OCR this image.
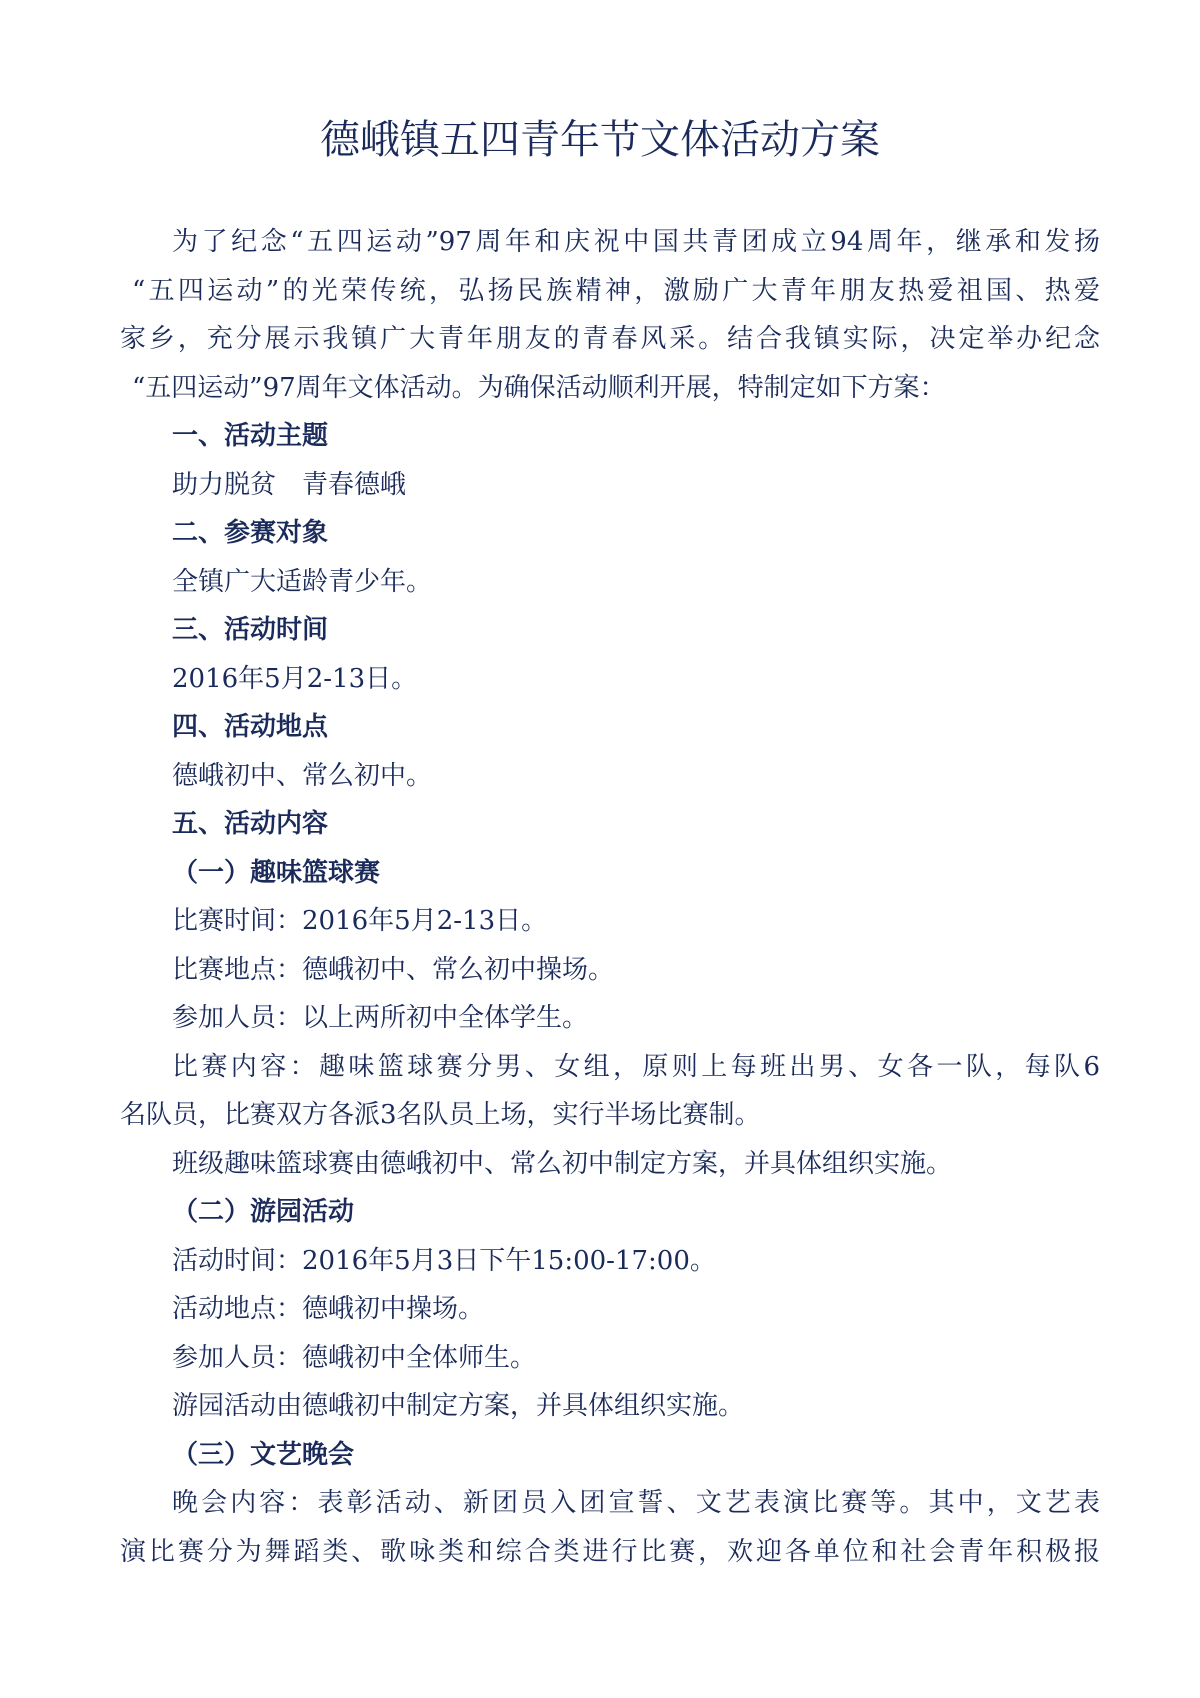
德峨镇五四青年节文体活动方案

为了纪念“五四运动”97周年和庆祝中国共青团成立94周年，继承和发扬

“五四运动”的光荣传统，弘扬民族精神，激励广大青年朋友热爱祖国、热爱

家乡，充分展示我镇广大青年朋友的青春风采。结合我镇实际，决定举办纪念

“五四运动”97周年文体活动。为确保活动顺利开展，特制定如下方案：

一、活动主题

助力脱贫　青春德峨

二、参赛对象

全镇广大适龄青少年。

三、活动时间

2016年5月2-13日。

四、活动地点

德峨初中、常么初中。

五、活动内容

（一）趣味篮球赛

比赛时间：2016年5月2-13日。

比赛地点：德峨初中、常么初中操场。

参加人员：以上两所初中全体学生。

比赛内容：趣味篮球赛分男、女组，原则上每班出男、女各一队，每队6

名队员，比赛双方各派3名队员上场，实行半场比赛制。

班级趣味篮球赛由德峨初中、常么初中制定方案，并具体组织实施。

（二）游园活动

活动时间：2016年5月3日下午15:00-17:00。

活动地点：德峨初中操场。

参加人员：德峨初中全体师生。

游园活动由德峨初中制定方案，并具体组织实施。

（三）文艺晚会

晚会内容：表彰活动、新团员入团宣誓、文艺表演比赛等。其中，文艺表

演比赛分为舞蹈类、歌咏类和综合类进行比赛，欢迎各单位和社会青年积极报
